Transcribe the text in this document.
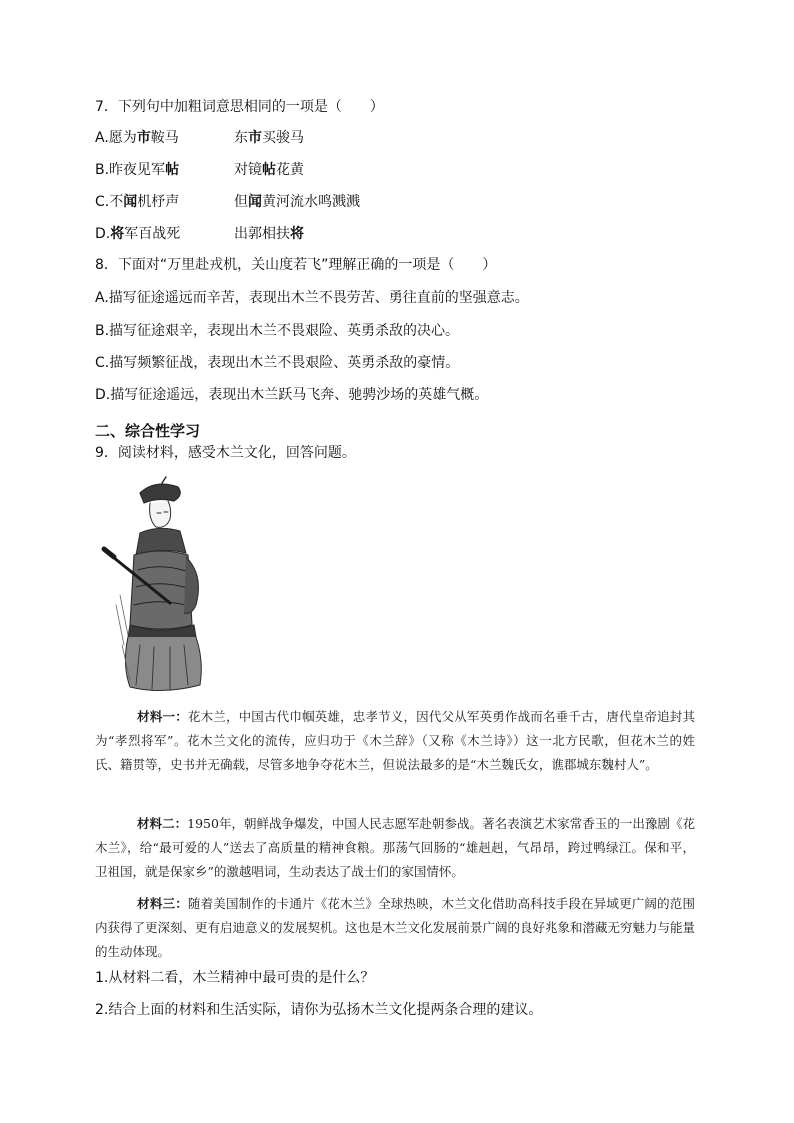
7．下列句中加粗词意思相同的一项是（　　）
A.愿为市鞍马	东市买骏马
B.昨夜见军帖	对镜帖花黄
C.不闻机杼声	但闻黄河流水鸣溅溅
D.将军百战死	出郭相扶将
8．下面对“万里赴戎机，关山度若飞”理解正确的一项是（　　）
A.描写征途遥远而辛苦，表现出木兰不畏劳苦、勇往直前的坚强意志。
B.描写征途艰辛，表现出木兰不畏艰险、英勇杀敌的决心。
C.描写频繁征战，表现出木兰不畏艰险、英勇杀敌的豪情。
D.描写征途遥远，表现出木兰跃马飞奔、驰骋沙场的英雄气概。
二、综合性学习
9．阅读材料，感受木兰文化，回答问题。
材料一：花木兰，中国古代巾帼英雄，忠孝节义，因代父从军英勇作战而名垂千古，唐代皇帝追封其为“孝烈将军”。花木兰文化的流传，应归功于《木兰辞》（又称《木兰诗》）这一北方民歌，但花木兰的姓氏、籍贯等，史书并无确载，尽管多地争夺花木兰，但说法最多的是“木兰魏氏女，谯郡城东魏村人”。
材料二：1950年，朝鲜战争爆发，中国人民志愿军赴朝参战。著名表演艺术家常香玉的一出豫剧《花木兰》，给“最可爱的人”送去了高质量的精神食粮。那荡气回肠的“雄赳赳，气昂昂，跨过鸭绿江。保和平，卫祖国，就是保家乡”的激越唱词，生动表达了战士们的家国情怀。
材料三：随着美国制作的卡通片《花木兰》全球热映，木兰文化借助高科技手段在异域更广阔的范围内获得了更深刻、更有启迪意义的发展契机。这也是木兰文化发展前景广阔的良好兆象和潜藏无穷魅力与能量的生动体现。
1.从材料二看，木兰精神中最可贵的是什么？
2.结合上面的材料和生活实际，请你为弘扬木兰文化提两条合理的建议。
